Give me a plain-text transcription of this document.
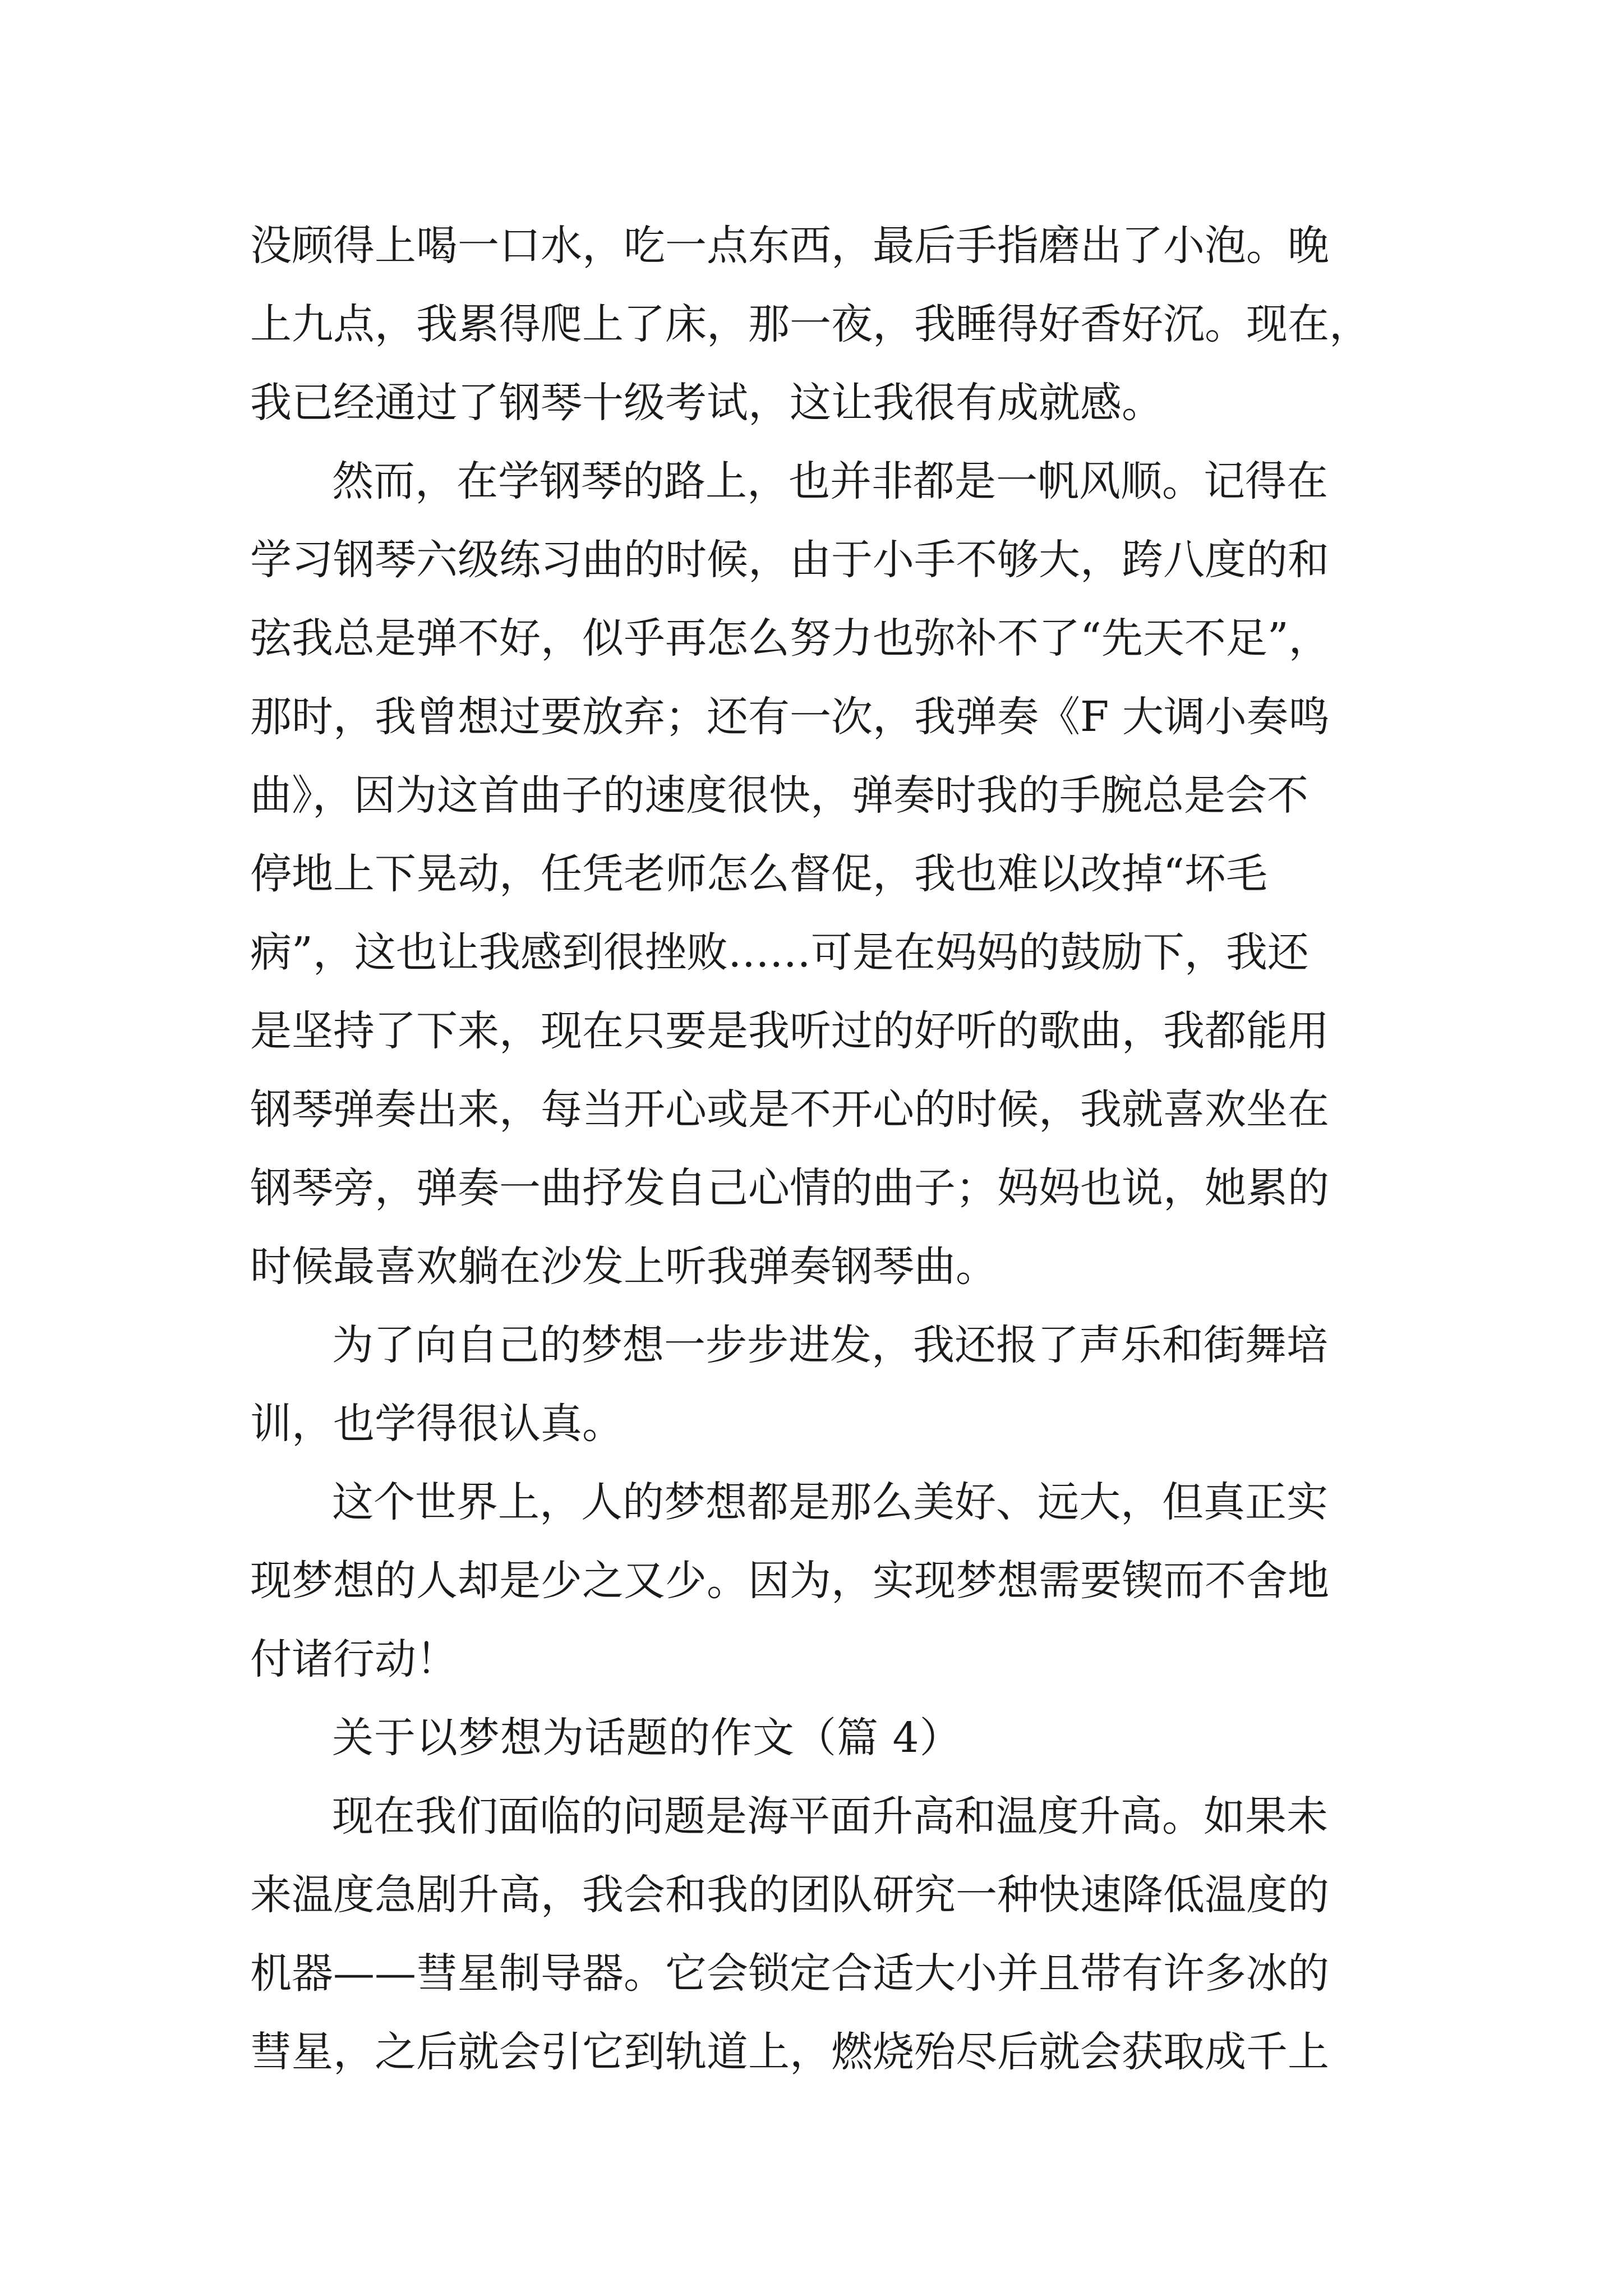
没顾得上喝一口水，吃一点东西，最后手指磨出了小泡。晚
上九点，我累得爬上了床，那一夜，我睡得好香好沉。现在，
我已经通过了钢琴十级考试，这让我很有成就感。
然而，在学钢琴的路上，也并非都是一帆风顺。记得在
学习钢琴六级练习曲的时候，由于小手不够大，跨八度的和
弦我总是弹不好，似乎再怎么努力也弥补不了“先天不足”，
那时，我曾想过要放弃；还有一次，我弹奏《F 大调小奏鸣
曲》，因为这首曲子的速度很快，弹奏时我的手腕总是会不
停地上下晃动，任凭老师怎么督促，我也难以改掉“坏毛
病”，这也让我感到很挫败……可是在妈妈的鼓励下，我还
是坚持了下来，现在只要是我听过的好听的歌曲，我都能用
钢琴弹奏出来，每当开心或是不开心的时候，我就喜欢坐在
钢琴旁，弹奏一曲抒发自己心情的曲子；妈妈也说，她累的
时候最喜欢躺在沙发上听我弹奏钢琴曲。
为了向自己的梦想一步步进发，我还报了声乐和街舞培
训，也学得很认真。
这个世界上，人的梦想都是那么美好、远大，但真正实
现梦想的人却是少之又少。因为，实现梦想需要锲而不舍地
付诸行动！
关于以梦想为话题的作文（篇 4）
现在我们面临的问题是海平面升高和温度升高。如果未
来温度急剧升高，我会和我的团队研究一种快速降低温度的
机器——彗星制导器。它会锁定合适大小并且带有许多冰的
彗星，之后就会引它到轨道上，燃烧殆尽后就会获取成千上
